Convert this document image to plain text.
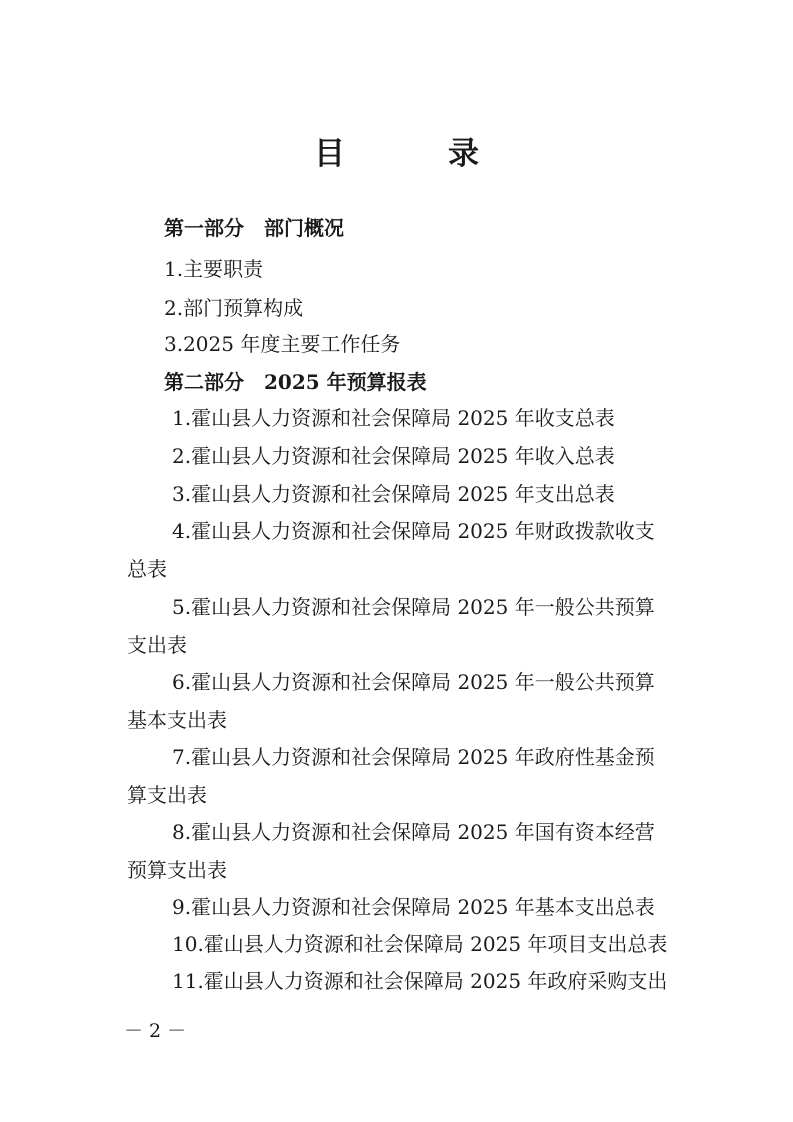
目　录
第一部分　部门概况
1.主要职责
2.部门预算构成
3.2025 年度主要工作任务
第二部分　2025 年预算报表
1.霍山县人力资源和社会保障局 2025 年收支总表
2.霍山县人力资源和社会保障局 2025 年收入总表
3.霍山县人力资源和社会保障局 2025 年支出总表
4.霍山县人力资源和社会保障局 2025 年财政拨款收支
总表
5.霍山县人力资源和社会保障局 2025 年一般公共预算
支出表
6.霍山县人力资源和社会保障局 2025 年一般公共预算
基本支出表
7.霍山县人力资源和社会保障局 2025 年政府性基金预
算支出表
8.霍山县人力资源和社会保障局 2025 年国有资本经营
预算支出表
9.霍山县人力资源和社会保障局 2025 年基本支出总表
10.霍山县人力资源和社会保障局 2025 年项目支出总表
11.霍山县人力资源和社会保障局 2025 年政府采购支出
－ 2 －
